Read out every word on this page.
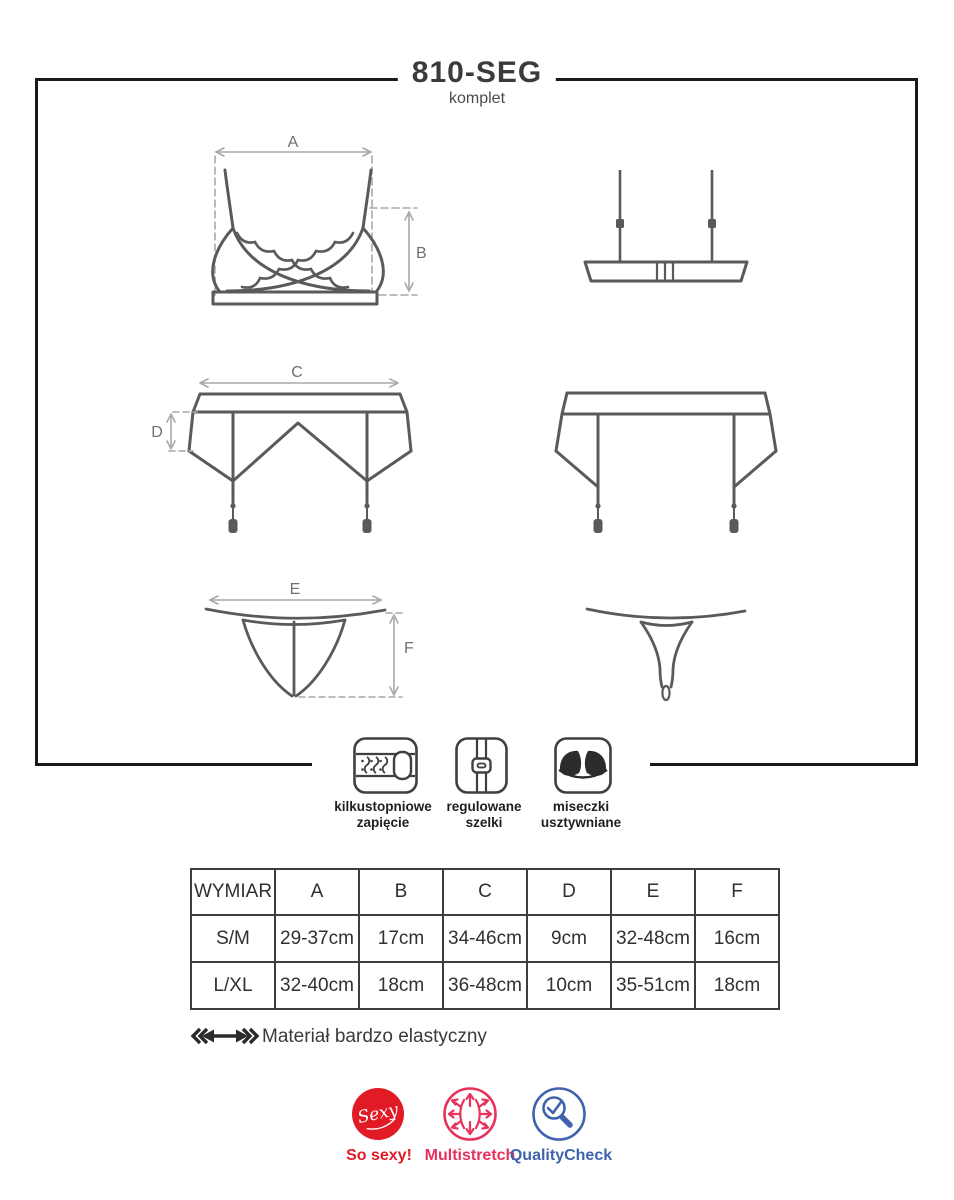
810-SEG
komplet
A
B
C
D
E
F
Sexy
kilkustopniowe
zapięcie
regulowane
szelki
miseczki
usztywniane
WYMIAR	A	B	C	D	E	F
S/M	29-37cm	17cm	34-46cm	9cm	32-48cm	16cm
L/XL	32-40cm	18cm	36-48cm	10cm	35-51cm	18cm
Materiał bardzo elastyczny
So sexy! Multistretch
QualityCheck
